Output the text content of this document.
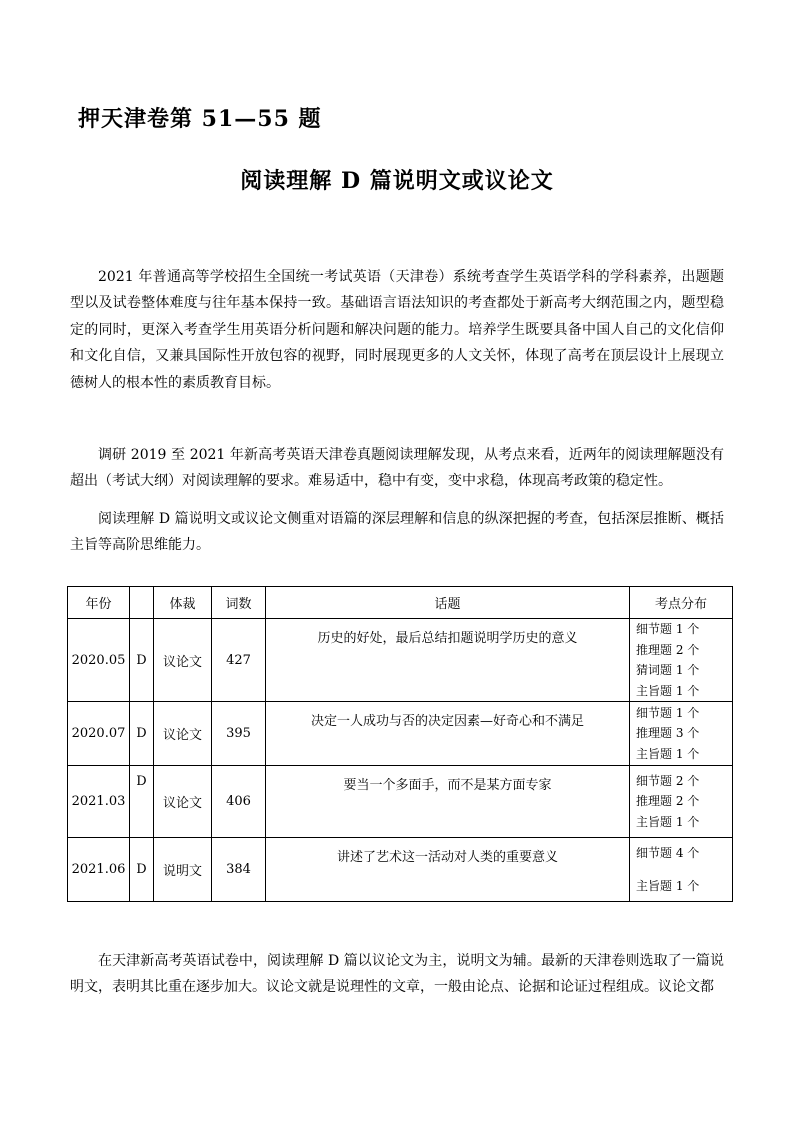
押天津卷第 51—55 题
阅读理解 D 篇说明文或议论文

2021 年普通高等学校招生全国统一考试英语（天津卷）系统考查学生英语学科的学科素养，出题题型以及试卷整体难度与往年基本保持一致。基础语言语法知识的考查都处于新高考大纲范围之内，题型稳定的同时，更深入考查学生用英语分析问题和解决问题的能力。培养学生既要具备中国人自己的文化信仰和文化自信，又兼具国际性开放包容的视野，同时展现更多的人文关怀，体现了高考在顶层设计上展现立德树人的根本性的素质教育目标。

调研 2019 至 2021 年新高考英语天津卷真题阅读理解发现，从考点来看，近两年的阅读理解题没有超出（考试大纲）对阅读理解的要求。难易适中，稳中有变，变中求稳，体现高考政策的稳定性。

阅读理解 D 篇说明文或议论文侧重对语篇的深层理解和信息的纵深把握的考查，包括深层推断、概括主旨等高阶思维能力。

年份		体裁	词数	话题	考点分布
2020.05	D	议论文	427	历史的好处，最后总结扣题说明学历史的意义	细节题 1 个
推理题 2 个
猜词题 1 个
主旨题 1 个

2020.07	D	议论文	395	决定一人成功与否的决定因素—好奇心和不满足	细节题 1 个
推理题 3 个
主旨题 1 个

2021.03	D	议论文	406	要当一个多面手，而不是某方面专家	细节题 2 个
推理题 2 个
主旨题 1 个

2021.06	D	说明文	384	讲述了艺术这一活动对人类的重要意义	细节题 4 个
主旨题 1 个

在天津新高考英语试卷中，阅读理解 D 篇以议论文为主，说明文为辅。最新的天津卷则选取了一篇说明文，表明其比重在逐步加大。议论文就是说理性的文章，一般由论点、论据和论证过程组成。议论文都
